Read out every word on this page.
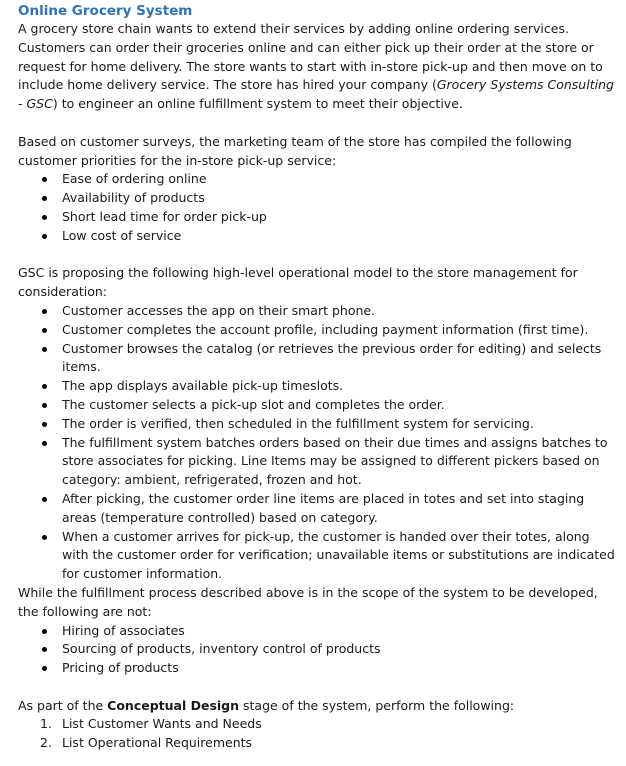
Online Grocery System

A grocery store chain wants to extend their services by adding online ordering services. Customers can order their groceries online and can either pick up their order at the store or request for home delivery. The store wants to start with in-store pick-up and then move on to include home delivery service. The store has hired your company (Grocery Systems Consulting - GSC) to engineer an online fulfillment system to meet their objective.

Based on customer surveys, the marketing team of the store has compiled the following customer priorities for the in-store pick-up service:

Ease of ordering online
Availability of products
Short lead time for order pick-up
Low cost of service

GSC is proposing the following high-level operational model to the store management for consideration:

Customer accesses the app on their smart phone.
Customer completes the account profile, including payment information (first time).
Customer browses the catalog (or retrieves the previous order for editing) and selects items.
The app displays available pick-up timeslots.
The customer selects a pick-up slot and completes the order.
The order is verified, then scheduled in the fulfillment system for servicing.
The fulfillment system batches orders based on their due times and assigns batches to store associates for picking. Line Items may be assigned to different pickers based on category: ambient, refrigerated, frozen and hot.
After picking, the customer order line items are placed in totes and set into staging areas (temperature controlled) based on category.
When a customer arrives for pick-up, the customer is handed over their totes, along with the customer order for verification; unavailable items or substitutions are indicated for customer information.

While the fulfillment process described above is in the scope of the system to be developed, the following are not:

Hiring of associates
Sourcing of products, inventory control of products
Pricing of products

As part of the Conceptual Design stage of the system, perform the following:

1. List Customer Wants and Needs
2. List Operational Requirements
